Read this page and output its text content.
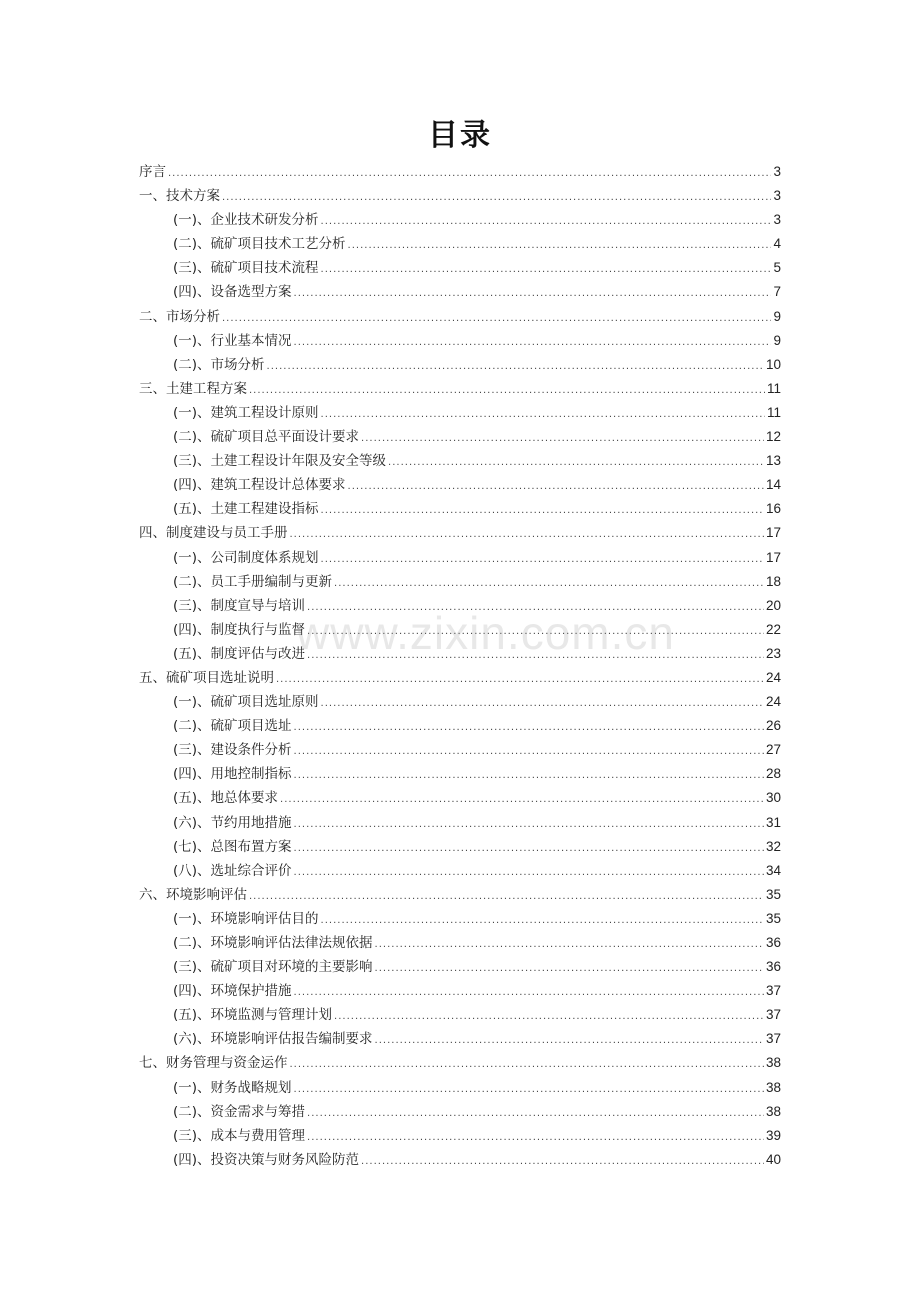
目录
序言 .....	3
一、技术方案 .....	3
(一)、企业技术研发分析 .....	3
(二)、硫矿项目技术工艺分析 .....	4
(三)、硫矿项目技术流程 .....	5
(四)、设备选型方案 .....	7
二、市场分析 .....	9
(一)、行业基本情况 .....	9
(二)、市场分析 .....	10
三、土建工程方案 .....	11
(一)、建筑工程设计原则 .....	11
(二)、硫矿项目总平面设计要求 .....	12
(三)、土建工程设计年限及安全等级 .....	13
(四)、建筑工程设计总体要求 .....	14
(五)、土建工程建设指标 .....	16
四、制度建设与员工手册 .....	17
(一)、公司制度体系规划 .....	17
(二)、员工手册编制与更新 .....	18
(三)、制度宣导与培训 .....	20
(四)、制度执行与监督 .....	22
(五)、制度评估与改进 .....	23
五、硫矿项目选址说明 .....	24
(一)、硫矿项目选址原则 .....	24
(二)、硫矿项目选址 .....	26
(三)、建设条件分析 .....	27
(四)、用地控制指标 .....	28
(五)、地总体要求 .....	30
(六)、节约用地措施 .....	31
(七)、总图布置方案 .....	32
(八)、选址综合评价 .....	34
六、环境影响评估 .....	35
(一)、环境影响评估目的 .....	35
(二)、环境影响评估法律法规依据 .....	36
(三)、硫矿项目对环境的主要影响 .....	36
(四)、环境保护措施 .....	37
(五)、环境监测与管理计划 .....	37
(六)、环境影响评估报告编制要求 .....	37
七、财务管理与资金运作 .....	38
(一)、财务战略规划 .....	38
(二)、资金需求与筹措 .....	38
(三)、成本与费用管理 .....	39
(四)、投资决策与财务风险防范 .....	40
www.zixin.com.cn
